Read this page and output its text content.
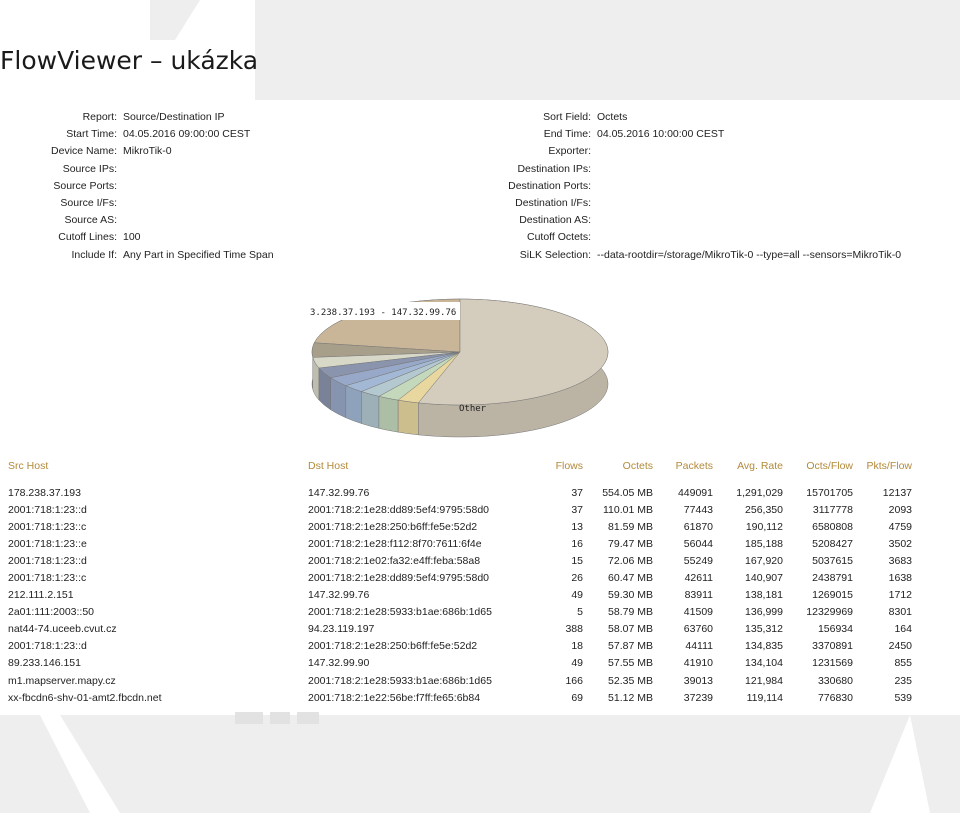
FlowViewer – ukázka
Report: Source/Destination IP
Start Time: 04.05.2016 09:00:00 CEST
Device Name: MikroTik-0
Source IPs:
Source Ports:
Source I/Fs:
Source AS:
Cutoff Lines: 100
Include If: Any Part in Specified Time Span
Sort Field: Octets
End Time: 04.05.2016 10:00:00 CEST
Exporter:
Destination IPs:
Destination Ports:
Destination I/Fs:
Destination AS:
Cutoff Octets:
SiLK Selection: --data-rootdir=/storage/MikroTik-0 --type=all --sensors=MikroTik-0
3.238.37.193 - 147.32.99.76
Other
Src Host	Dst Host	Flows	Octets	Packets	Avg. Rate	Octs/Flow	Pkts/Flow

178.238.37.193	147.32.99.76	37	554.05 MB	449091	1,291,029	15701705	12137
2001:718:1:23::d	2001:718:2:1e28:dd89:5ef4:9795:58d0	37	110.01 MB	77443	256,350	3117778	2093
2001:718:1:23::c	2001:718:2:1e28:250:b6ff:fe5e:52d2	13	81.59 MB	61870	190,112	6580808	4759
2001:718:1:23::e	2001:718:2:1e28:f112:8f70:7611:6f4e	16	79.47 MB	56044	185,188	5208427	3502
2001:718:1:23::d	2001:718:2:1e02:fa32:e4ff:feba:58a8	15	72.06 MB	55249	167,920	5037615	3683
2001:718:1:23::c	2001:718:2:1e28:dd89:5ef4:9795:58d0	26	60.47 MB	42611	140,907	2438791	1638
212.111.2.151	147.32.99.76	49	59.30 MB	83911	138,181	1269015	1712
2a01:111:2003::50	2001:718:2:1e28:5933:b1ae:686b:1d65	5	58.79 MB	41509	136,999	12329969	8301
nat44-74.uceeb.cvut.cz	94.23.119.197	388	58.07 MB	63760	135,312	156934	164
2001:718:1:23::d	2001:718:2:1e28:250:b6ff:fe5e:52d2	18	57.87 MB	44111	134,835	3370891	2450
89.233.146.151	147.32.99.90	49	57.55 MB	41910	134,104	1231569	855
m1.mapserver.mapy.cz	2001:718:2:1e28:5933:b1ae:686b:1d65	166	52.35 MB	39013	121,984	330680	235
xx-fbcdn6-shv-01-amt2.fbcdn.net	2001:718:2:1e22:56be:f7ff:fe65:6b84	69	51.12 MB	37239	119,114	776830	539
